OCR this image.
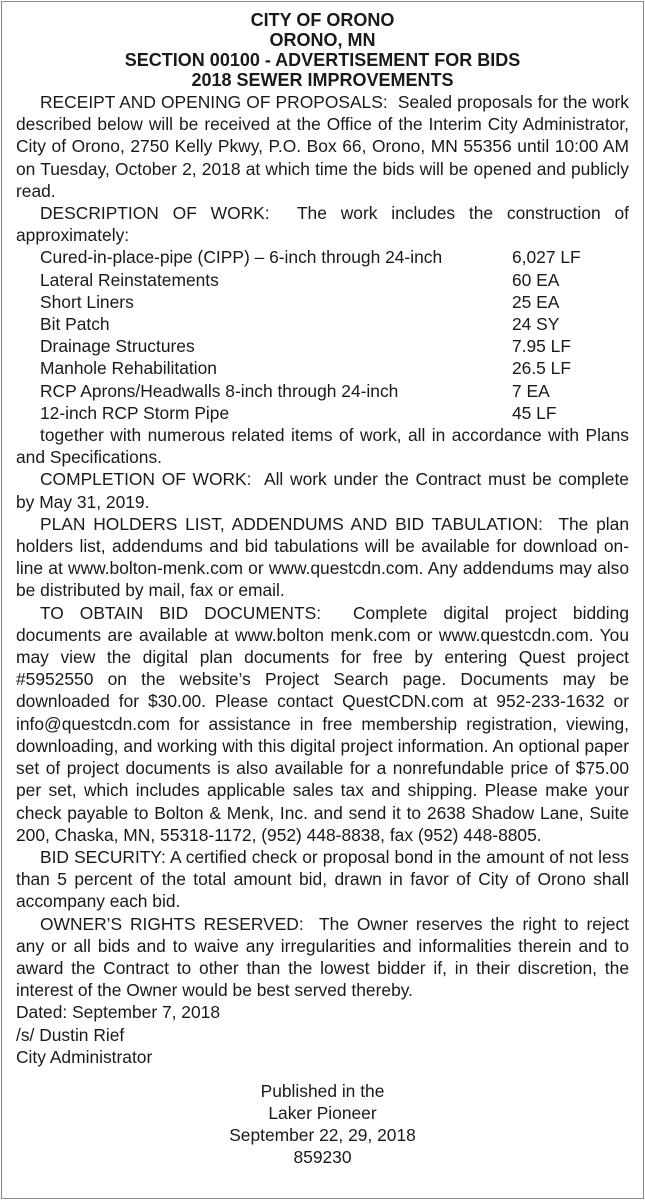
CITY OF ORONO
ORONO, MN
SECTION 00100 - ADVERTISEMENT FOR BIDS
2018 SEWER IMPROVEMENTS

RECEIPT AND OPENING OF PROPOSALS: Sealed proposals for the work described below will be received at the Office of the Interim City Administrator, City of Orono, 2750 Kelly Pkwy, P.O. Box 66, Orono, MN 55356 until 10:00 AM on Tuesday, October 2, 2018 at which time the bids will be opened and publicly read.

DESCRIPTION OF WORK: The work includes the construction of approximately:

Cured-in-place-pipe (CIPP) – 6-inch through 24-inch	6,027 LF
Lateral Reinstatements	60 EA
Short Liners	25 EA
Bit Patch	24 SY
Drainage Structures	7.95 LF
Manhole Rehabilitation	26.5 LF
RCP Aprons/Headwalls 8-inch through 24-inch	7 EA
12-inch RCP Storm Pipe	45 LF

together with numerous related items of work, all in accordance with Plans and Specifications.

COMPLETION OF WORK: All work under the Contract must be complete by May 31, 2019.

PLAN HOLDERS LIST, ADDENDUMS AND BID TABULATION: The plan holders list, addendums and bid tabulations will be available for download on-line at www.bolton-menk.com or www.questcdn.com. Any addendums may also be distributed by mail, fax or email.

TO OBTAIN BID DOCUMENTS: Complete digital project bidding documents are available at www.bolton menk.com or www.questcdn.com. You may view the digital plan documents for free by entering Quest project #5952550 on the website’s Project Search page. Documents may be downloaded for $30.00. Please contact QuestCDN.com at 952-233-1632 or info@questcdn.com for assistance in free membership registration, viewing, downloading, and working with this digital project information. An optional paper set of project documents is also available for a nonrefundable price of $75.00 per set, which includes applicable sales tax and shipping. Please make your check payable to Bolton & Menk, Inc. and send it to 2638 Shadow Lane, Suite 200, Chaska, MN, 55318-1172, (952) 448-8838, fax (952) 448-8805.

BID SECURITY: A certified check or proposal bond in the amount of not less than 5 percent of the total amount bid, drawn in favor of City of Orono shall accompany each bid.

OWNER’S RIGHTS RESERVED: The Owner reserves the right to reject any or all bids and to waive any irregularities and informalities therein and to award the Contract to other than the lowest bidder if, in their discretion, the interest of the Owner would be best served thereby.

Dated: September 7, 2018
/s/ Dustin Rief
City Administrator
Published in the
Laker Pioneer
September 22, 29, 2018
859230
